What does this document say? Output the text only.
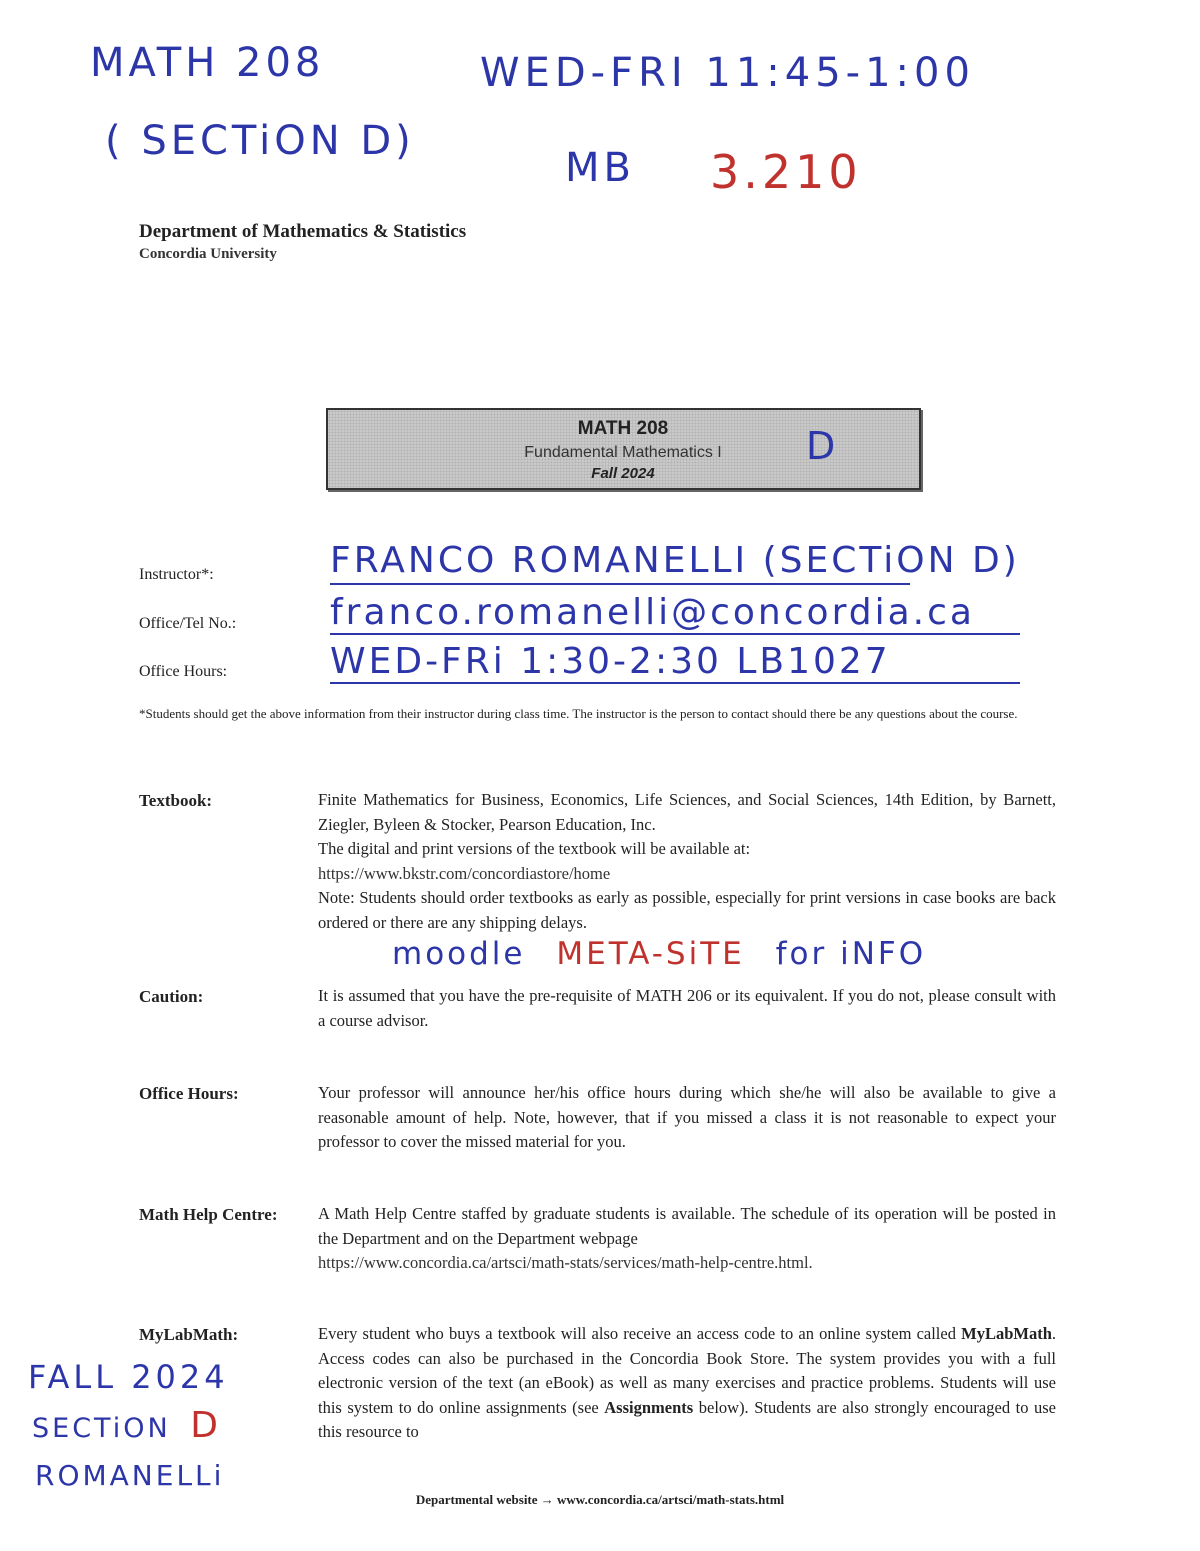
MATH 208	WED-FRI 11:45-1:00
( SECTiON D)
MB 3.210
Department of Mathematics & Statistics
Concordia University
MATH 208
Fundamental Mathematics I
Fall 2024
D
Instructor*:	FRANCO ROMANELLI (SECTiON D)
Office/Tel No.:	franco.romanelli@concordia.ca
Office Hours:	WED-FRi 1:30-2:30 LB1027
*Students should get the above information from their instructor during class time. The instructor is the person to contact should there be any questions about the course.
Textbook:	Finite Mathematics for Business, Economics, Life Sciences, and Social Sciences, 14th Edition, by Barnett, Ziegler, Byleen & Stocker, Pearson Education, Inc.

The digital and print versions of the textbook will be available at:

https://www.bkstr.com/concordiastore/home

Note: Students should order textbooks as early as possible, especially for print versions in case books are back ordered or there are any shipping delays.

moodle META-SiTE for iNFO
Caution:	It is assumed that you have the pre-requisite of MATH 206 or its equivalent. If you do not, please consult with a course advisor.
Office Hours:	Your professor will announce her/his office hours during which she/he will also be available to give a reasonable amount of help. Note, however, that if you missed a class it is not reasonable to expect your professor to cover the missed material for you.
Math Help Centre: A Math Help Centre staffed by graduate students is available. The schedule of its operation will be posted in the Department and on the Department webpage

https://www.concordia.ca/artsci/math-stats/services/math-help-centre.html.

MyLabMath:	Every student who buys a textbook will also receive an access code to an online system called MyLabMath. Access codes can also be purchased in the Concordia Book Store. The system provides you with a full electronic version of the text (an eBook) as well as many exercises and practice problems. Students will use this system to do online assignments (see Assignments below). Students are also strongly encouraged to use this resource to
FALL 2024
SECTiON D
ROMANELLi
Departmental website → www.concordia.ca/artsci/math-stats.html
